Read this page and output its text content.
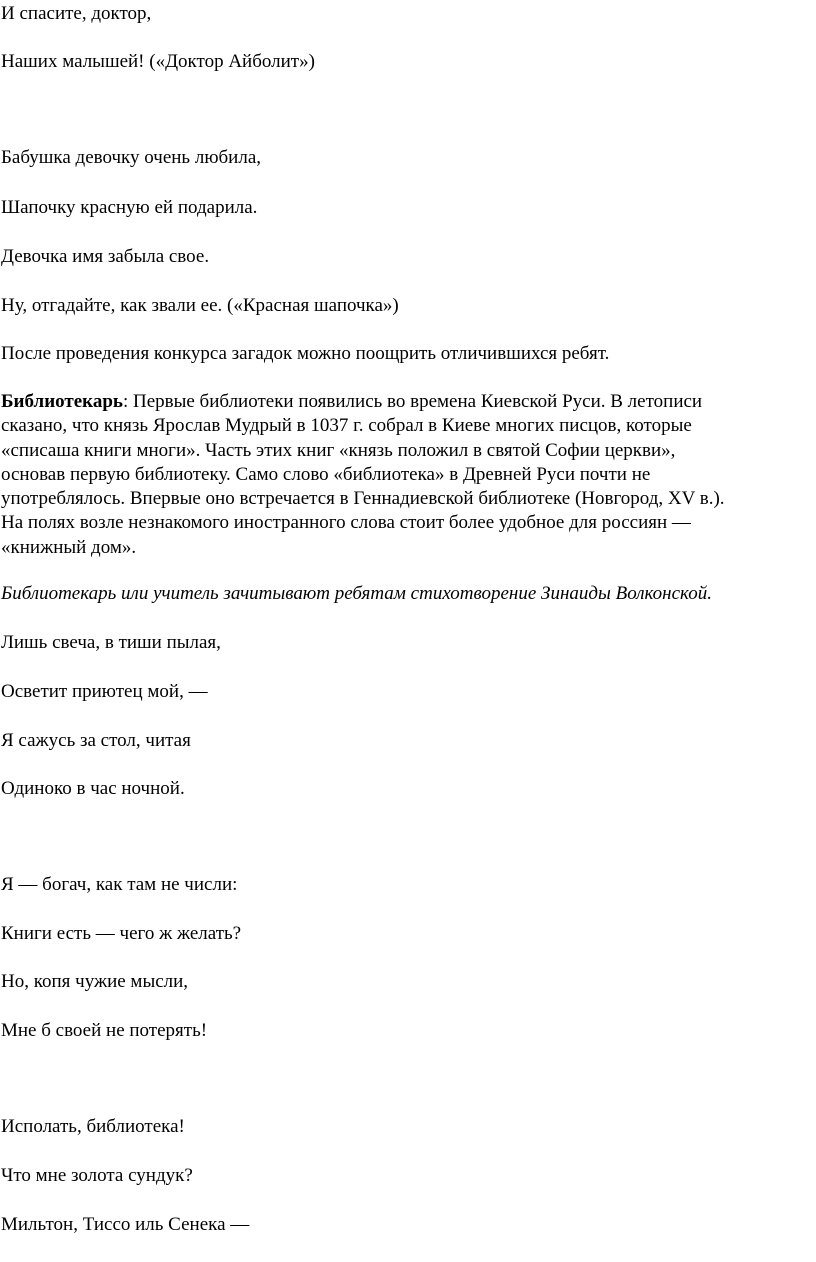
И спасите, доктор,
Наших малышей! («Доктор Айболит»)
Бабушка девочку очень любила,
Шапочку красную ей подарила.
Девочка имя забыла свое.
Ну, отгадайте, как звали ее. («Красная шапочка»)
После проведения конкурса загадок можно поощрить отличившихся ребят.
Библиотекарь: Первые библиотеки появились во времена Киевской Руси. В летописи
сказано, что князь Ярослав Мудрый в 1037 г. собрал в Киеве многих писцов, которые
«списаша книги многи». Часть этих книг «князь положил в святой Софии церкви»,
основав первую библиотеку. Само слово «библиотека» в Древней Руси почти не
употреблялось. Впервые оно встречается в Геннадиевской библиотеке (Новгород, XV в.).
На полях возле незнакомого иностранного слова стоит более удобное для россиян —
«книжный дом».
Библиотекарь или учитель зачитывают ребятам стихотворение Зинаиды Волконской.
Лишь свеча, в тиши пылая,
Осветит приютец мой, —
Я сажусь за стол, читая
Одиноко в час ночной.
Я — богач, как там не числи:
Книги есть — чего ж желать?
Но, копя чужие мысли,
Мне б своей не потерять!
Исполать, библиотека!
Что мне золота сундук?
Мильтон, Тиссо иль Сенека —
